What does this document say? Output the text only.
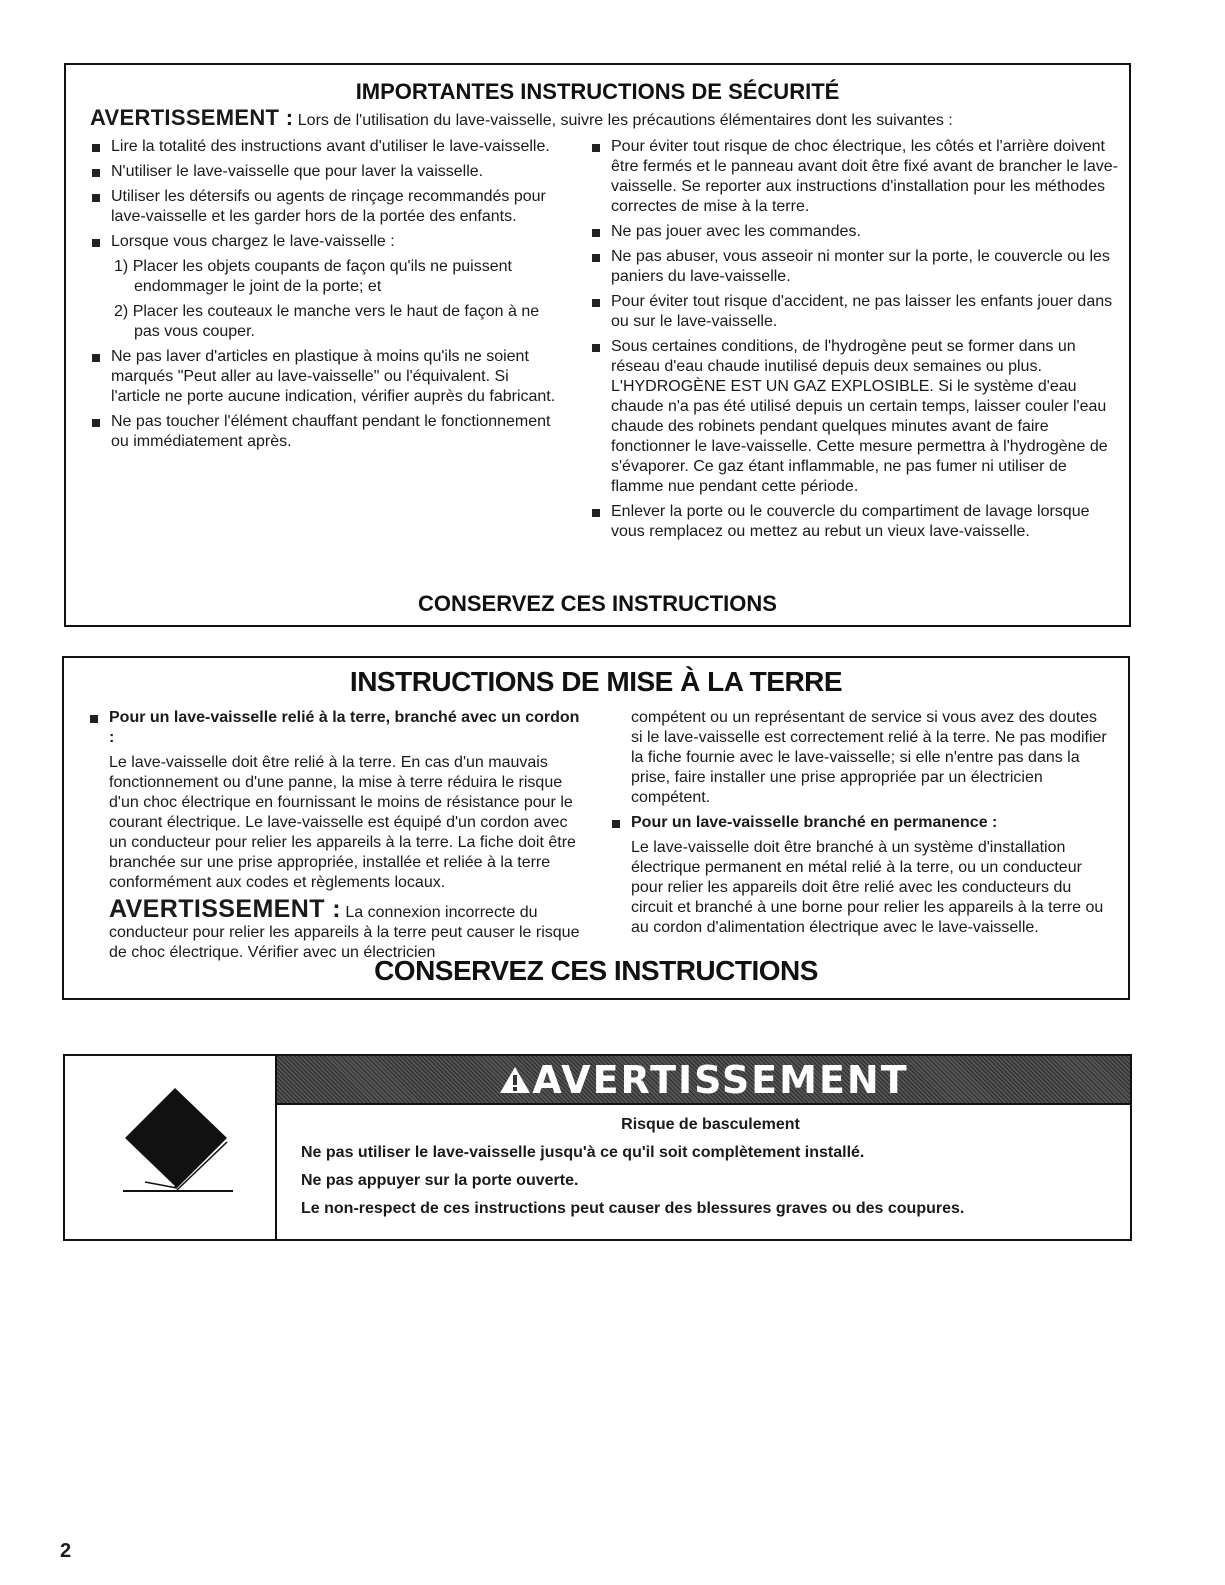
IMPORTANTES INSTRUCTIONS DE SÉCURITÉ
AVERTISSEMENT : Lors de l'utilisation du lave-vaisselle, suivre les précautions élémentaires dont les suivantes :
Lire la totalité des instructions avant d'utiliser le lave-vaisselle.
N'utiliser le lave-vaisselle que pour laver la vaisselle.
Utiliser les détersifs ou agents de rinçage recommandés pour lave-vaisselle et les garder hors de la portée des enfants.
Lorsque vous chargez le lave-vaisselle :
1) Placer les objets coupants de façon qu'ils ne puissent endommager le joint de la porte; et
2) Placer les couteaux le manche vers le haut de façon à ne pas vous couper.
Ne pas laver d'articles en plastique à moins qu'ils ne soient marqués "Peut aller au lave-vaisselle" ou l'équivalent. Si l'article ne porte aucune indication, vérifier auprès du fabricant.
Ne pas toucher l'élément chauffant pendant le fonctionnement ou immédiatement après.
Pour éviter tout risque de choc électrique, les côtés et l'arrière doivent être fermés et le panneau avant doit être fixé avant de brancher le lave-vaisselle. Se reporter aux instructions d'installation pour les méthodes correctes de mise à la terre.
Ne pas jouer avec les commandes.
Ne pas abuser, vous asseoir ni monter sur la porte, le couvercle ou les paniers du lave-vaisselle.
Pour éviter tout risque d'accident, ne pas laisser les enfants jouer dans ou sur le lave-vaisselle.
Sous certaines conditions, de l'hydrogène peut se former dans un réseau d'eau chaude inutilisé depuis deux semaines ou plus. L'HYDROGÈNE EST UN GAZ EXPLOSIBLE. Si le système d'eau chaude n'a pas été utilisé depuis un certain temps, laisser couler l'eau chaude des robinets pendant quelques minutes avant de faire fonctionner le lave-vaisselle. Cette mesure permettra à l'hydrogène de s'évaporer. Ce gaz étant inflammable, ne pas fumer ni utiliser de flamme nue pendant cette période.
Enlever la porte ou le couvercle du compartiment de lavage lorsque vous remplacez ou mettez au rebut un vieux lave-vaisselle.
CONSERVEZ CES INSTRUCTIONS
INSTRUCTIONS DE MISE À LA TERRE
Pour un lave-vaisselle relié à la terre, branché avec un cordon :
Le lave-vaisselle doit être relié à la terre. En cas d'un mauvais fonctionnement ou d'une panne, la mise à terre réduira le risque d'un choc électrique en fournissant le moins de résistance pour le courant électrique. Le lave-vaisselle est équipé d'un cordon avec un conducteur pour relier les appareils à la terre. La fiche doit être branchée sur une prise appropriée, installée et reliée à la terre conformément aux codes et règlements locaux.
AVERTISSEMENT : La connexion incorrecte du conducteur pour relier les appareils à la terre peut causer le risque de choc électrique. Vérifier avec un électricien
compétent ou un représentant de service si vous avez des doutes si le lave-vaisselle est correctement relié à la terre. Ne pas modifier la fiche fournie avec le lave-vaisselle; si elle n'entre pas dans la prise, faire installer une prise appropriée par un électricien compétent.
Pour un lave-vaisselle branché en permanence :
Le lave-vaisselle doit être branché à un système d'installation électrique permanent en métal relié à la terre, ou un conducteur pour relier les appareils doit être relié avec les conducteurs du circuit et branché à une borne pour relier les appareils à la terre ou au cordon d'alimentation électrique avec le lave-vaisselle.
CONSERVEZ CES INSTRUCTIONS
AVERTISSEMENT
Risque de basculement
Ne pas utiliser le lave-vaisselle jusqu'à ce qu'il soit complètement installé.
Ne pas appuyer sur la porte ouverte.
Le non-respect de ces instructions peut causer des blessures graves ou des coupures.
2
